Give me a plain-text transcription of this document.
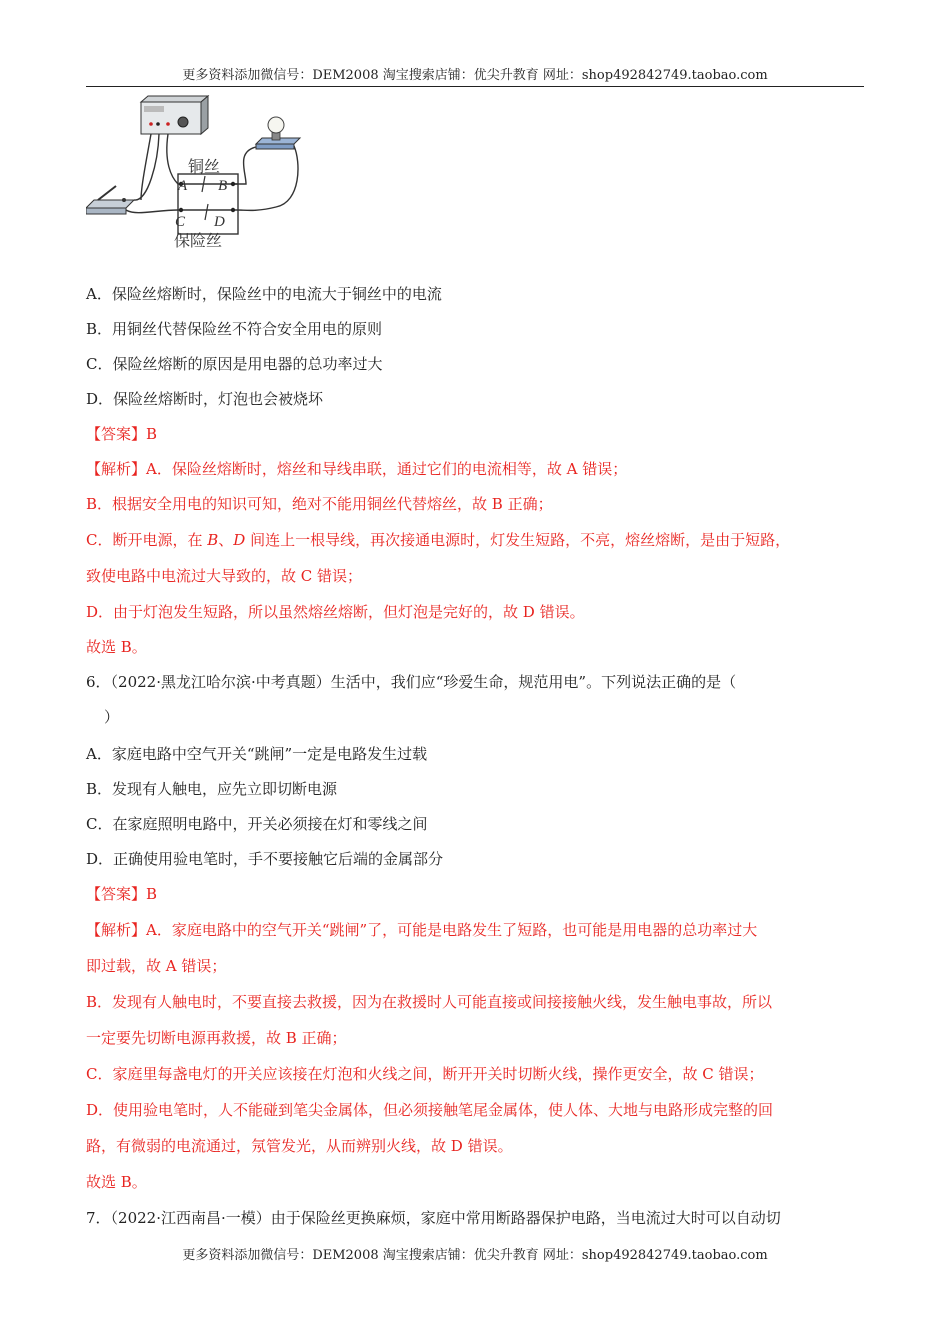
更多资料添加微信号：DEM2008 淘宝搜索店铺：优尖升教育 网址：shop492842749.taobao.com
铜丝
保险丝
A B
C D
A．保险丝熔断时，保险丝中的电流大于铜丝中的电流
B．用铜丝代替保险丝不符合安全用电的原则
C．保险丝熔断的原因是用电器的总功率过大
D．保险丝熔断时，灯泡也会被烧坏
【答案】B
【解析】A．保险丝熔断时，熔丝和导线串联，通过它们的电流相等，故 A 错误；
B．根据安全用电的知识可知，绝对不能用铜丝代替熔丝，故 B 正确；
C．断开电源，在 B、D 间连上一根导线，再次接通电源时，灯发生短路，不亮，熔丝熔断，是由于短路，
致使电路中电流过大导致的，故 C 错误；
D．由于灯泡发生短路，所以虽然熔丝熔断，但灯泡是完好的，故 D 错误。
故选 B。
6．（2022·黑龙江哈尔滨·中考真题）生活中，我们应“珍爱生命，规范用电”。下列说法正确的是（
）
A．家庭电路中空气开关“跳闸”一定是电路发生过载
B．发现有人触电，应先立即切断电源
C．在家庭照明电路中，开关必须接在灯和零线之间
D．正确使用验电笔时，手不要接触它后端的金属部分
【答案】B
【解析】A．家庭电路中的空气开关“跳闸”了，可能是电路发生了短路，也可能是用电器的总功率过大
即过载，故 A 错误；
B．发现有人触电时，不要直接去救援，因为在救援时人可能直接或间接接触火线，发生触电事故，所以
一定要先切断电源再救援，故 B 正确；
C．家庭里每盏电灯的开关应该接在灯泡和火线之间，断开开关时切断火线，操作更安全，故 C 错误；
D．使用验电笔时，人不能碰到笔尖金属体，但必须接触笔尾金属体，使人体、大地与电路形成完整的回
路，有微弱的电流通过，氖管发光，从而辨别火线，故 D 错误。
故选 B。
7．（2022·江西南昌·一模）由于保险丝更换麻烦，家庭中常用断路器保护电路，当电流过大时可以自动切
更多资料添加微信号：DEM2008 淘宝搜索店铺：优尖升教育 网址：shop492842749.taobao.com
